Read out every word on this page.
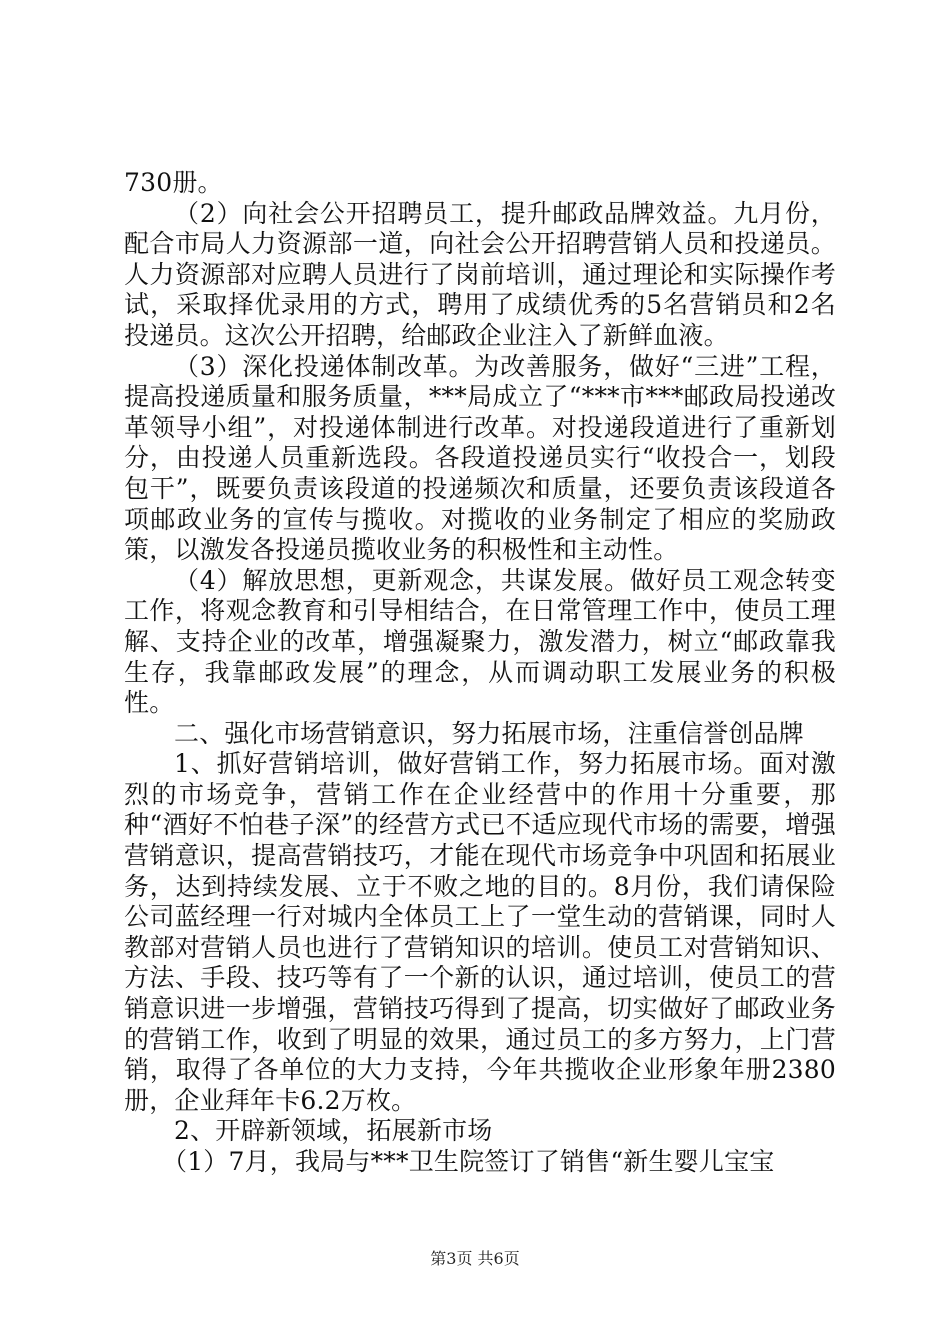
730册。

（2）向社会公开招聘员工，提升邮政品牌效益。九月份，配合市局人力资源部一道，向社会公开招聘营销人员和投递员。人力资源部对应聘人员进行了岗前培训，通过理论和实际操作考试，采取择优录用的方式，聘用了成绩优秀的5名营销员和2名投递员。这次公开招聘，给邮政企业注入了新鲜血液。

（3）深化投递体制改革。为改善服务，做好“三进”工程，提高投递质量和服务质量，***局成立了“***市***邮政局投递改革领导小组”，对投递体制进行改革。对投递段道进行了重新划分，由投递人员重新选段。各段道投递员实行“收投合一，划段包干”，既要负责该段道的投递频次和质量，还要负责该段道各项邮政业务的宣传与揽收。对揽收的业务制定了相应的奖励政策，以激发各投递员揽收业务的积极性和主动性。

（4）解放思想，更新观念，共谋发展。做好员工观念转变工作，将观念教育和引导相结合，在日常管理工作中，使员工理解、支持企业的改革，增强凝聚力，激发潜力，树立“邮政靠我生存，我靠邮政发展”的理念，从而调动职工发展业务的积极性。

二、强化市场营销意识，努力拓展市场，注重信誉创品牌

1、抓好营销培训，做好营销工作，努力拓展市场。面对激烈的市场竞争，营销工作在企业经营中的作用十分重要，那种“酒好不怕巷子深”的经营方式已不适应现代市场的需要，增强营销意识，提高营销技巧，才能在现代市场竞争中巩固和拓展业务，达到持续发展、立于不败之地的目的。8月份，我们请保险公司蓝经理一行对城内全体员工上了一堂生动的营销课，同时人教部对营销人员也进行了营销知识的培训。使员工对营销知识、方法、手段、技巧等有了一个新的认识，通过培训，使员工的营销意识进一步增强，营销技巧得到了提高，切实做好了邮政业务的营销工作，收到了明显的效果，通过员工的多方努力，上门营销，取得了各单位的大力支持，今年共揽收企业形象年册2380册，企业拜年卡6.2万枚。

2、开辟新领域，拓展新市场

（1）7月，我局与***卫生院签订了销售“新生婴儿宝宝

第3页 共6页
